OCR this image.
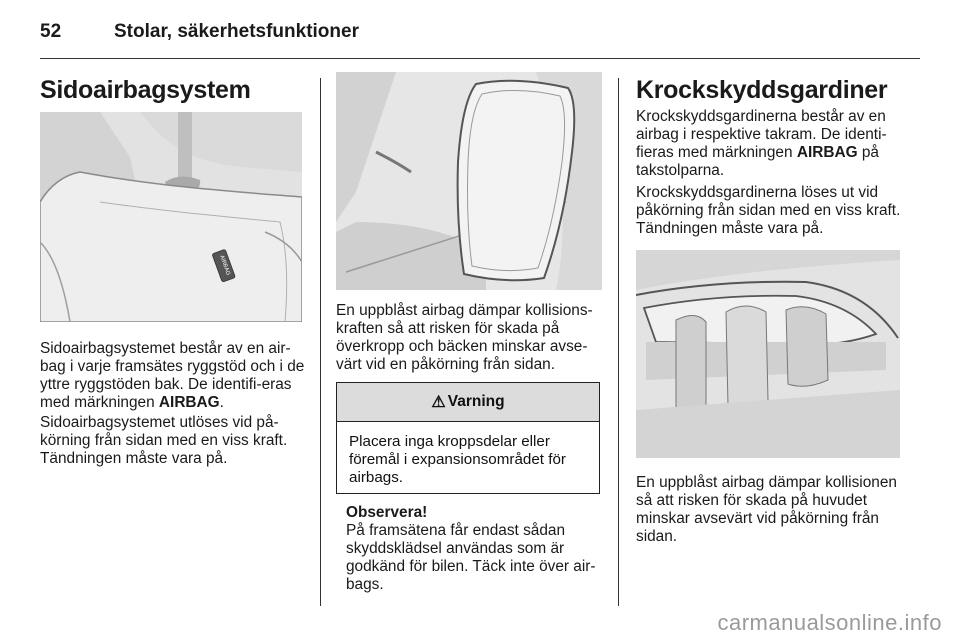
52	Stolar, säkerhetsfunktioner
Sidoairbagsystem
AIRBAG

Sidoairbagsystemet består av en air-bag i varje framsätes ryggstöd och i de yttre ryggstöden bak. De identifi-eras med märkningen AIRBAG.

Sidoairbagsystemet utlöses vid på-körning från sidan med en viss kraft. Tändningen måste vara på.

En uppblåst airbag dämpar kollisions-kraften så att risken för skada på överkropp och bäcken minskar avse-värt vid en påkörning från sidan.

⚠ Varning
Placera inga kroppsdelar eller föremål i expansionsområdet för airbags.
Observera!

På framsätena får endast sådan skyddsklädsel användas som är godkänd för bilen. Täck inte över air-bags.

Krockskyddsgardiner

Krockskyddsgardinerna består av en airbag i respektive takram. De identi-fieras med märkningen AIRBAG på takstolparna.

Krockskyddsgardinerna löses ut vid påkörning från sidan med en viss kraft. Tändningen måste vara på.

En uppblåst airbag dämpar kollisionen så att risken för skada på huvudet minskar avsevärt vid påkörning från sidan.

carmanualsonline.info
